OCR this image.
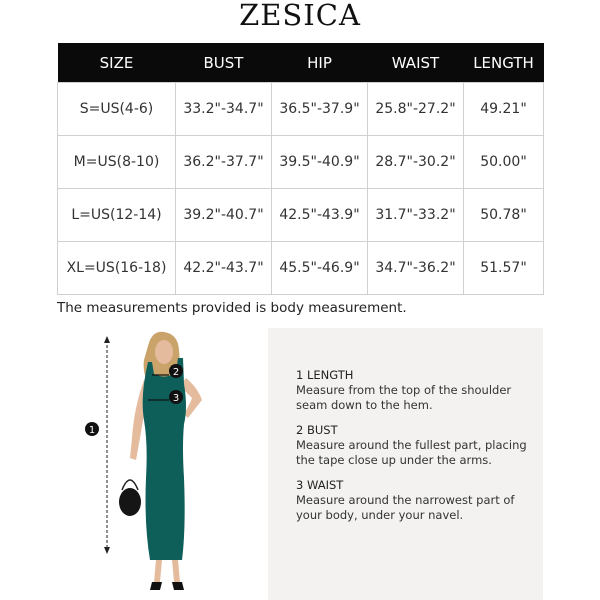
ZESICA
SIZE	BUST	HIP	WAIST	LENGTH
S=US(4-6)	33.2"-34.7"	36.5"-37.9"	25.8"-27.2"	49.21"
M=US(8-10)	36.2"-37.7"	39.5"-40.9"	28.7"-30.2"	50.00"
L=US(12-14)	39.2"-40.7"	42.5"-43.9"	31.7"-33.2"	50.78"
XL=US(16-18)	42.2"-43.7"	45.5"-46.9"	34.7"-36.2"	51.57"
The measurements provided is body measurement.
1
2
3
1 LENGTH
Measure from the top of the shoulder seam down to the hem.
2 BUST
Measure around the fullest part, placing the tape close up under the arms.
3 WAIST
Measure around the narrowest part of your body, under your navel.
